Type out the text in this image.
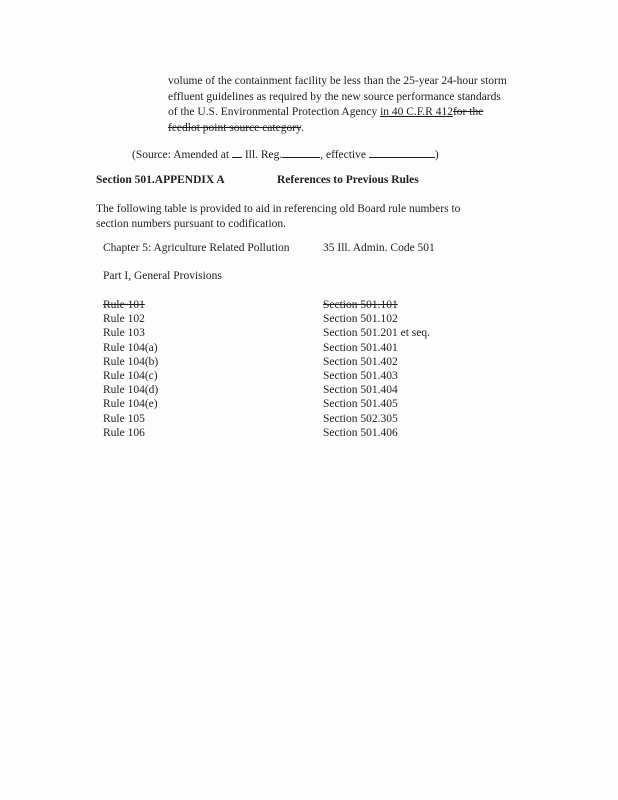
volume of the containment facility be less than the 25-year 24-hour storm
effluent guidelines as required by the new source performance standards
of the U.S. Environmental Protection Agency in 40 C.F.R 412for the
feedlot point source category.
(Source: Amended at  Ill. Reg.	, effective	)
Section 501.APPENDIX A	References to Previous Rules
The following table is provided to aid in referencing old Board rule numbers to
section numbers pursuant to codification.
Chapter 5: Agriculture Related Pollution	35 Ill. Admin. Code 501
Part I, General Provisions
Rule 101	Section 501.101
Rule 102	Section 501.102
Rule 103	Section 501.201 et seq.
Rule 104(a)	Section 501.401
Rule 104(b)	Section 501.402
Rule 104(c)	Section 501.403
Rule 104(d)	Section 501.404
Rule 104(e)	Section 501.405
Rule 105	Section 502.305
Rule 106	Section 501.406
